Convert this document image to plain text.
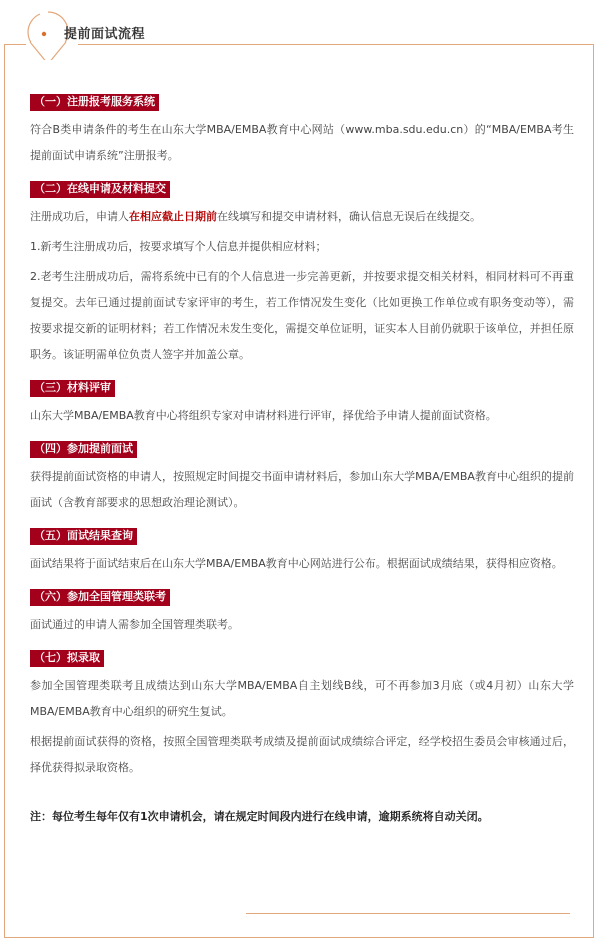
提前面试流程
（一）注册报考服务系统

符合B类申请条件的考生在山东大学MBA/EMBA教育中心网站（www.mba.sdu.edu.cn）的“MBA/EMBA考生提前面试申请系统”注册报考。

（二）在线申请及材料提交

注册成功后，申请人在相应截止日期前在线填写和提交申请材料，确认信息无误后在线提交。

1.新考生注册成功后，按要求填写个人信息并提供相应材料；

2.老考生注册成功后，需将系统中已有的个人信息进一步完善更新，并按要求提交相关材料，相同材料可不再重复提交。去年已通过提前面试专家评审的考生，若工作情况发生变化（比如更换工作单位或有职务变动等），需按要求提交新的证明材料；若工作情况未发生变化，需提交单位证明，证实本人目前仍就职于该单位，并担任原职务。该证明需单位负责人签字并加盖公章。

（三）材料评审

山东大学MBA/EMBA教育中心将组织专家对申请材料进行评审，择优给予申请人提前面试资格。

（四）参加提前面试

获得提前面试资格的申请人，按照规定时间提交书面申请材料后，参加山东大学MBA/EMBA教育中心组织的提前面试（含教育部要求的思想政治理论测试）。

（五）面试结果查询

面试结果将于面试结束后在山东大学MBA/EMBA教育中心网站进行公布。根据面试成绩结果，获得相应资格。

（六）参加全国管理类联考

面试通过的申请人需参加全国管理类联考。

（七）拟录取

参加全国管理类联考且成绩达到山东大学MBA/EMBA自主划线B线，可不再参加3月底（或4月初）山东大学MBA/EMBA教育中心组织的研究生复试。

根据提前面试获得的资格，按照全国管理类联考成绩及提前面试成绩综合评定，经学校招生委员会审核通过后，择优获得拟录取资格。

注：每位考生每年仅有1次申请机会，请在规定时间段内进行在线申请，逾期系统将自动关闭。
